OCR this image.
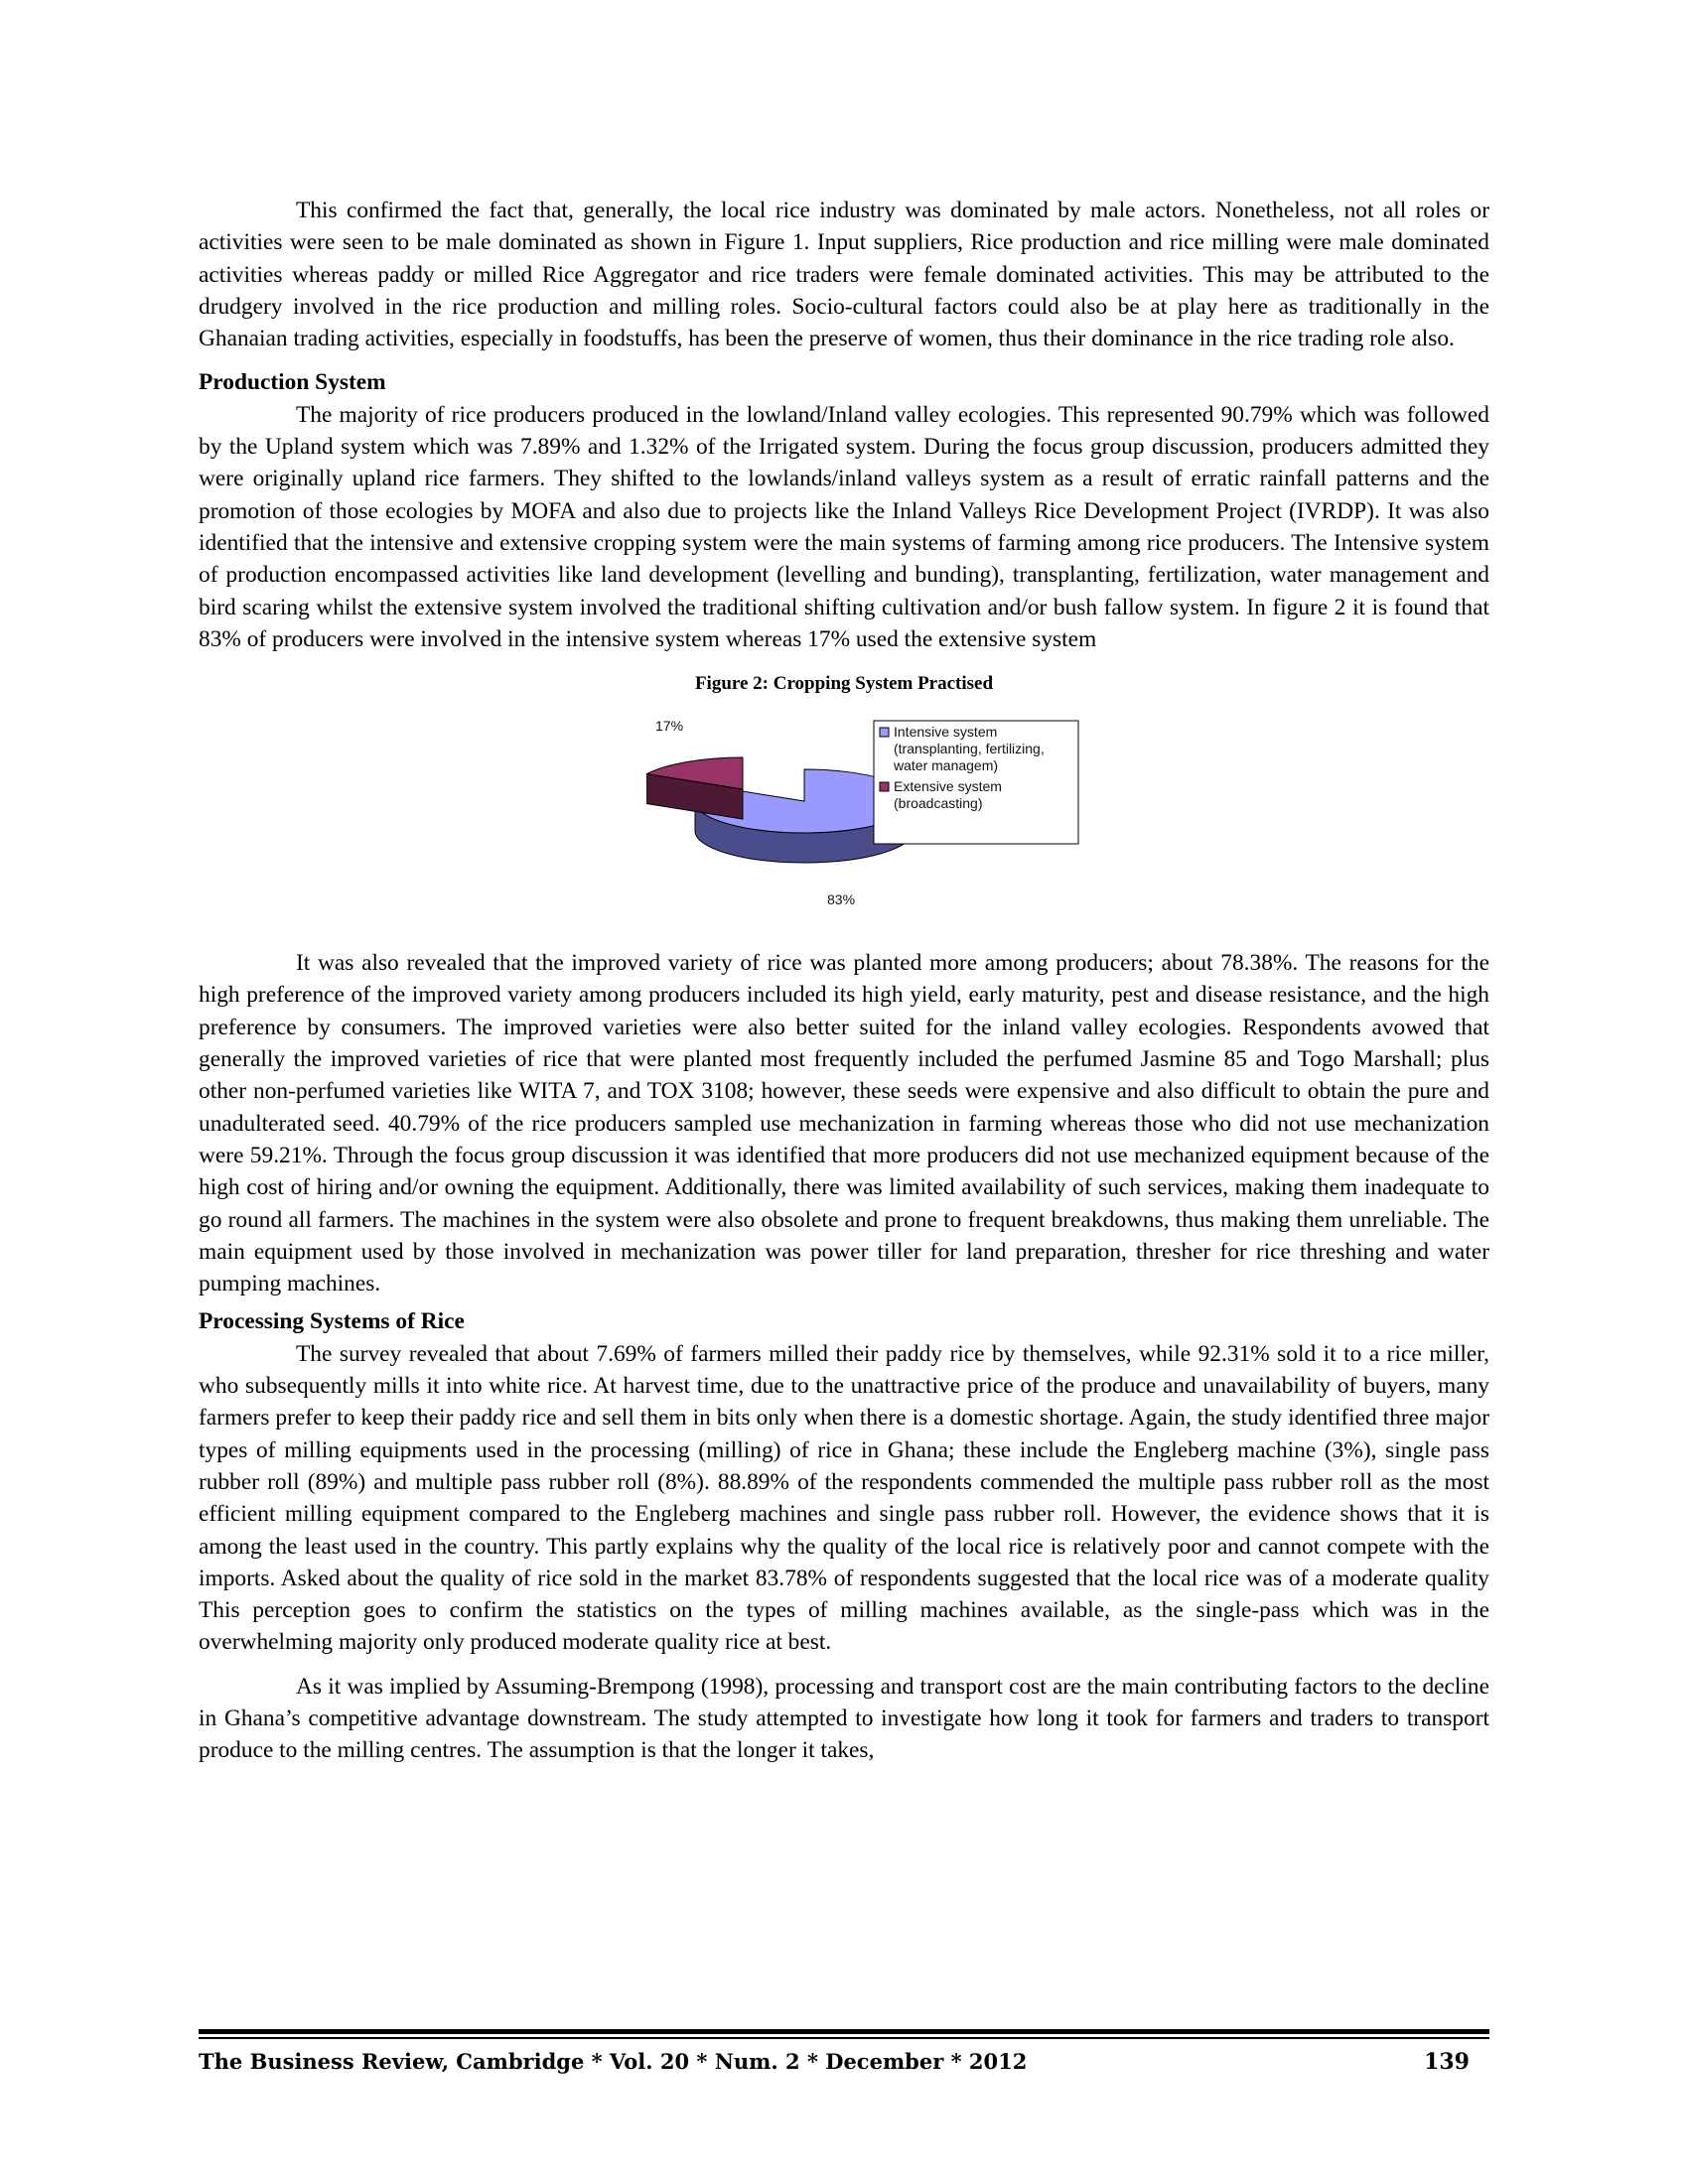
This confirmed the fact that, generally, the local rice industry was dominated by male actors. Nonetheless, not all roles or activities were seen to be male dominated as shown in Figure 1. Input suppliers, Rice production and rice milling were male dominated activities whereas paddy or milled Rice Aggregator and rice traders were female dominated activities. This may be attributed to the drudgery involved in the rice production and milling roles. Socio-cultural factors could also be at play here as traditionally in the Ghanaian trading activities, especially in foodstuffs, has been the preserve of women, thus their dominance in the rice trading role also.

Production System

The majority of rice producers produced in the lowland/Inland valley ecologies. This represented 90.79% which was followed by the Upland system which was 7.89% and 1.32% of the Irrigated system. During the focus group discussion, producers admitted they were originally upland rice farmers. They shifted to the lowlands/inland valleys system as a result of erratic rainfall patterns and the promotion of those ecologies by MOFA and also due to projects like the Inland Valleys Rice Development Project (IVRDP). It was also identified that the intensive and extensive cropping system were the main systems of farming among rice producers. The Intensive system of production encompassed activities like land development (levelling and bunding), transplanting, fertilization, water management and bird scaring whilst the extensive system involved the traditional shifting cultivation and/or bush fallow system. In figure 2 it is found that 83% of producers were involved in the intensive system whereas 17% used the extensive system

Figure 2: Cropping System Practised
17%
83%
Intensive system
(transplanting, fertilizing,
water managem)
Extensive system
(broadcasting)

It was also revealed that the improved variety of rice was planted more among producers; about 78.38%. The reasons for the high preference of the improved variety among producers included its high yield, early maturity, pest and disease resistance, and the high preference by consumers. The improved varieties were also better suited for the inland valley ecologies. Respondents avowed that generally the improved varieties of rice that were planted most frequently included the perfumed Jasmine 85 and Togo Marshall; plus other non-perfumed varieties like WITA 7, and TOX 3108; however, these seeds were expensive and also difficult to obtain the pure and unadulterated seed. 40.79% of the rice producers sampled use mechanization in farming whereas those who did not use mechanization were 59.21%. Through the focus group discussion it was identified that more producers did not use mechanized equipment because of the high cost of hiring and/or owning the equipment. Additionally, there was limited availability of such services, making them inadequate to go round all farmers. The machines in the system were also obsolete and prone to frequent breakdowns, thus making them unreliable. The main equipment used by those involved in mechanization was power tiller for land preparation, thresher for rice threshing and water pumping machines.

Processing Systems of Rice

The survey revealed that about 7.69% of farmers milled their paddy rice by themselves, while 92.31% sold it to a rice miller, who subsequently mills it into white rice. At harvest time, due to the unattractive price of the produce and unavailability of buyers, many farmers prefer to keep their paddy rice and sell them in bits only when there is a domestic shortage. Again, the study identified three major types of milling equipments used in the processing (milling) of rice in Ghana; these include the Engleberg machine (3%), single pass rubber roll (89%) and multiple pass rubber roll (8%). 88.89% of the respondents commended the multiple pass rubber roll as the most efficient milling equipment compared to the Engleberg machines and single pass rubber roll. However, the evidence shows that it is among the least used in the country. This partly explains why the quality of the local rice is relatively poor and cannot compete with the imports. Asked about the quality of rice sold in the market 83.78% of respondents suggested that the local rice was of a moderate quality This perception goes to confirm the statistics on the types of milling machines available, as the single-pass which was in the overwhelming majority only produced moderate quality rice at best.

As it was implied by Assuming-Brempong (1998), processing and transport cost are the main contributing factors to the decline in Ghana’s competitive advantage downstream. The study attempted to investigate how long it took for farmers and traders to transport produce to the milling centres. The assumption is that the longer it takes,

The Business Review, Cambridge * Vol. 20 * Num. 2 * December * 2012	139
